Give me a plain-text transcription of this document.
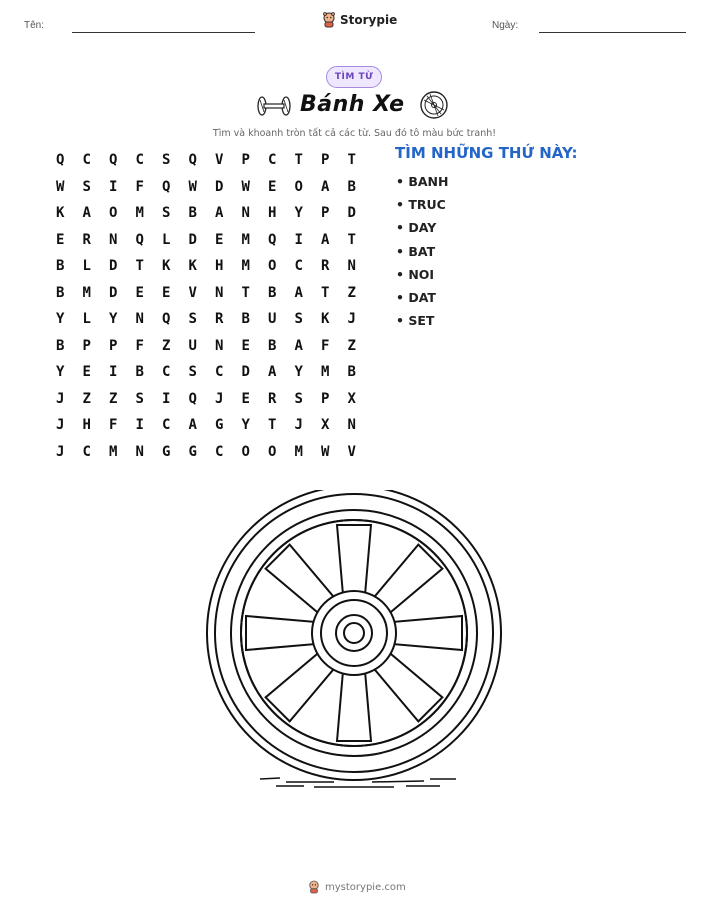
Tên:	Storypie	Ngày:
TÌM TỪ
Bánh Xe
Tìm và khoanh tròn tất cả các từ. Sau đó tô màu bức tranh!
Q	C	Q	C	S	Q	V	P	C	T	P	T
W	S	I	F	Q	W	D	W	E	O	A	B
K	A	O	M	S	B	A	N	H	Y	P	D
E	R	N	Q	L	D	E	M	Q	I	A	T
B	L	D	T	K	K	H	M	O	C	R	N
B	M	D	E	E	V	N	T	B	A	T	Z
Y	L	Y	N	Q	S	R	B	U	S	K	J
B	P	P	F	Z	U	N	E	B	A	F	Z
Y	E	I	B	C	S	C	D	A	Y	M	B
J	Z	Z	S	I	Q	J	E	R	S	P	X
J	H	F	I	C	A	G	Y	T	J	X	N
J	C	M	N	G	G	C	O	O	M	W	V
TÌM NHỮNG THỨ NÀY:
• BANH
• TRUC
• DAY
• BAT
• NOI
• DAT
• SET
mystorypie.com
